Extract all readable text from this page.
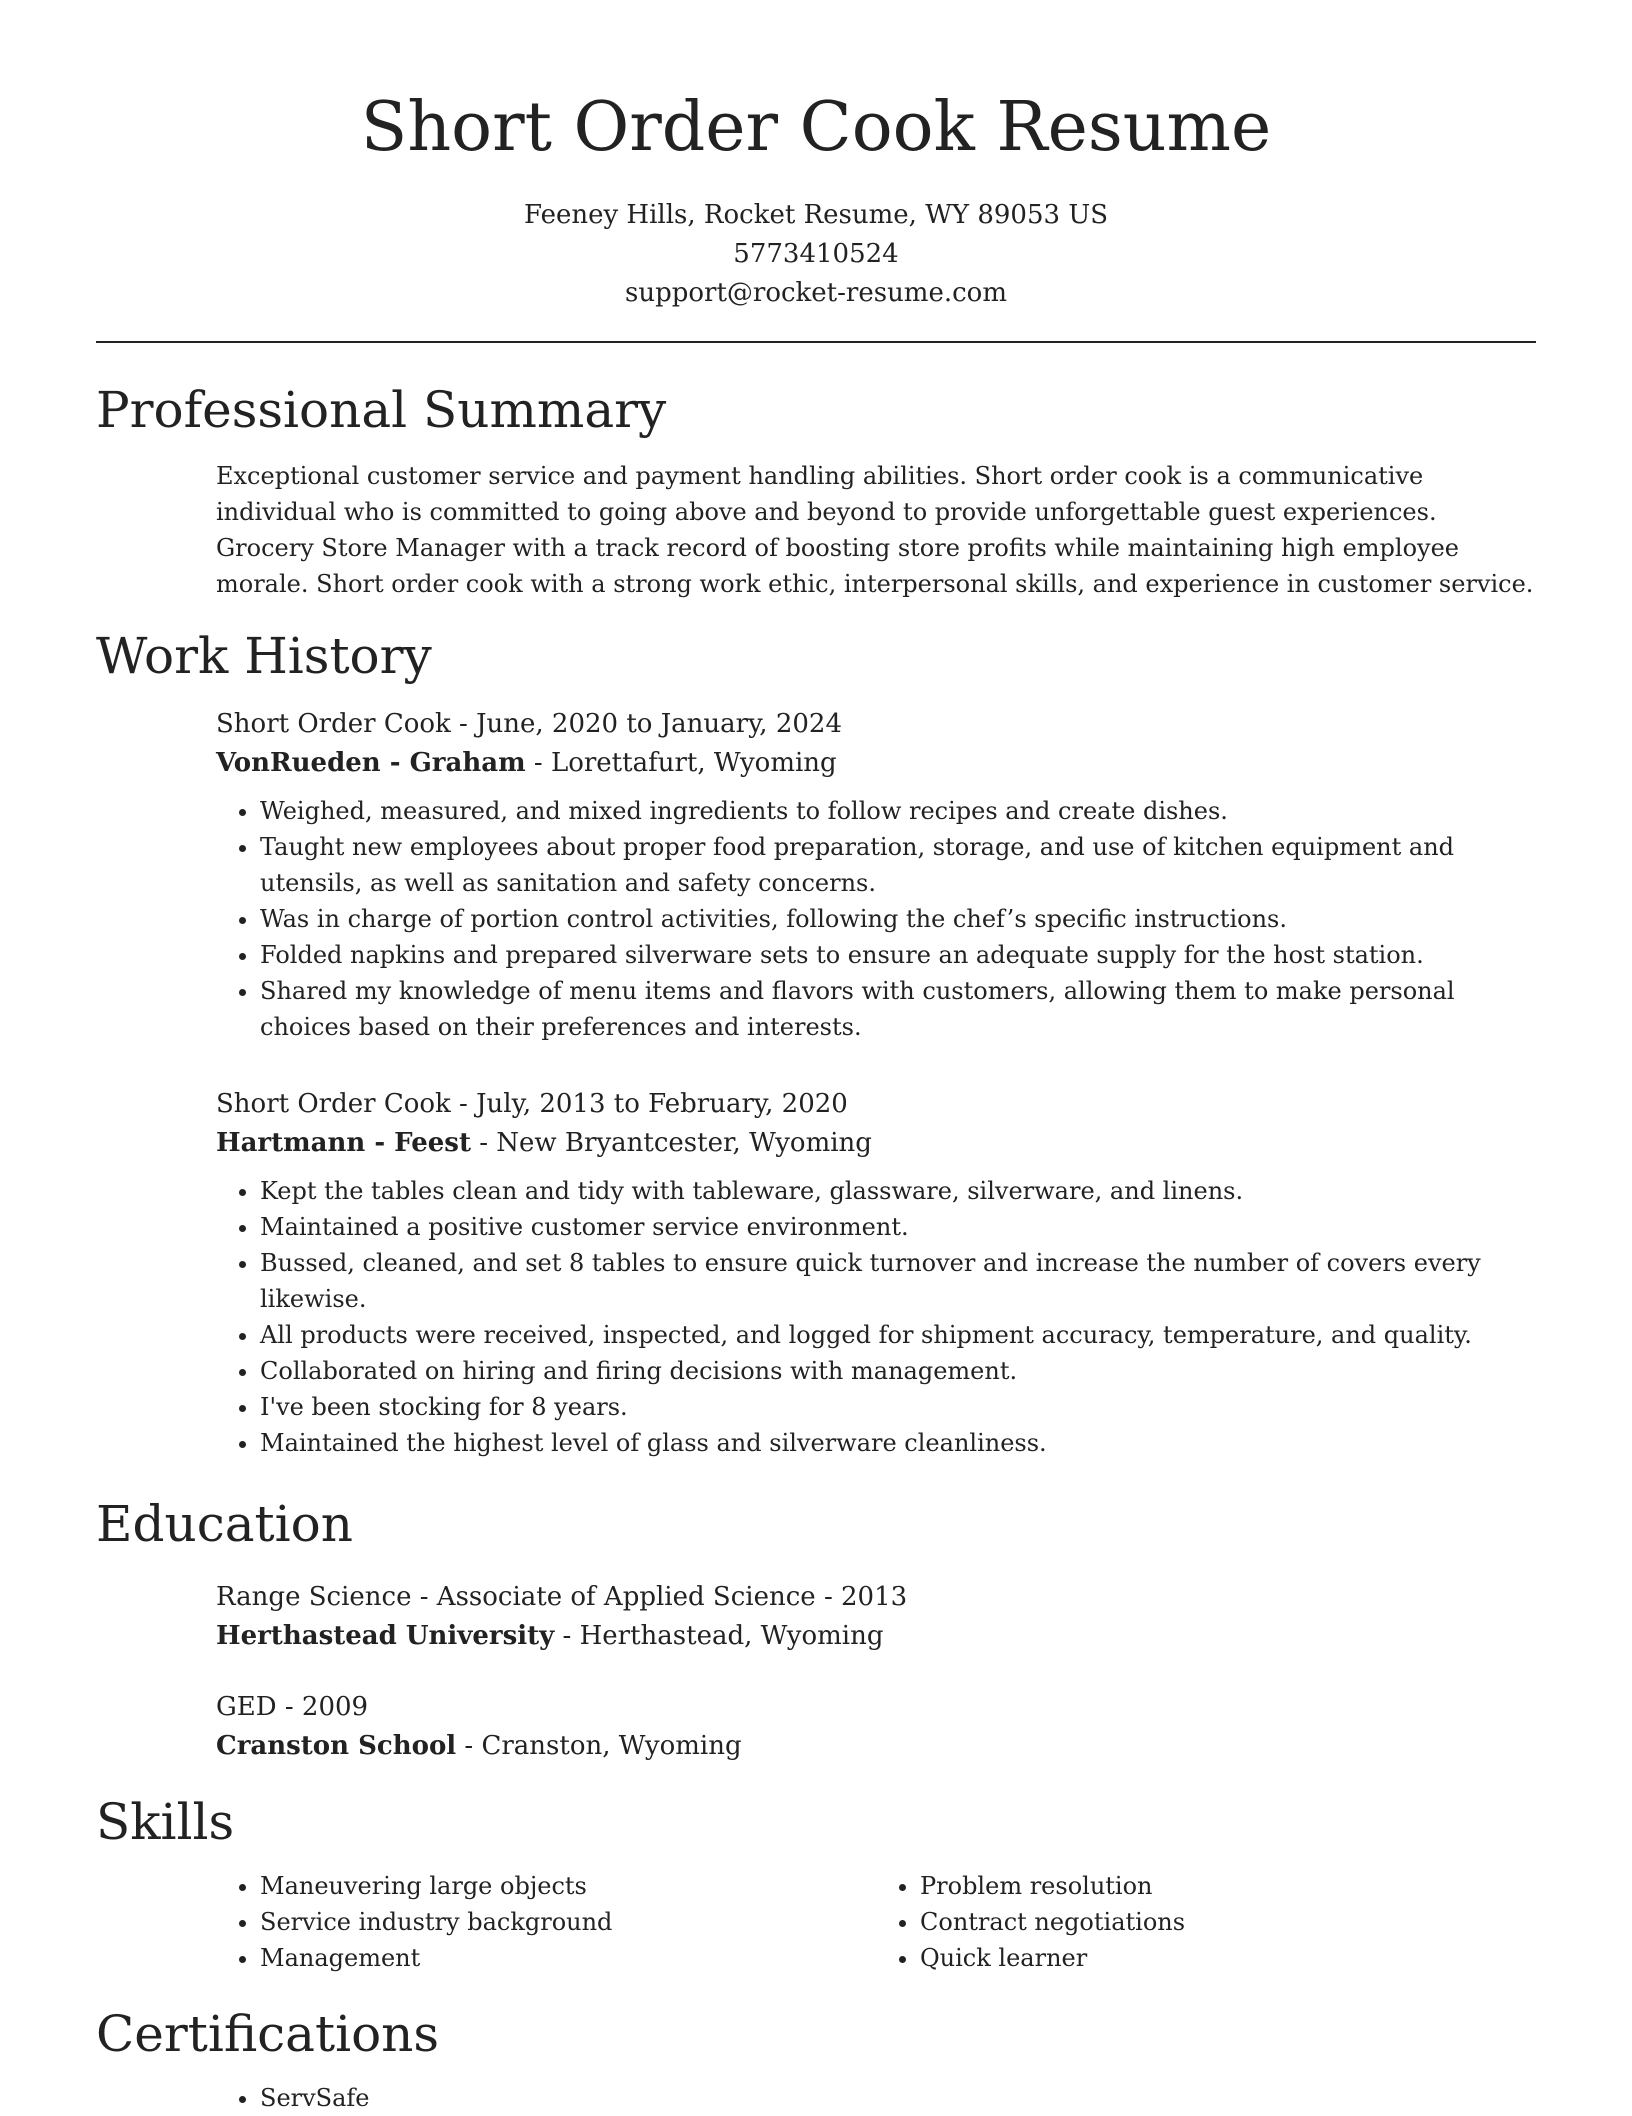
Short Order Cook Resume
Feeney Hills, Rocket Resume, WY 89053 US
5773410524
support@rocket-resume.com
Professional Summary

Exceptional customer service and payment handling abilities. Short order cook is a communicative individual who is committed to going above and beyond to provide unforgettable guest experiences. Grocery Store Manager with a track record of boosting store profits while maintaining high employee morale. Short order cook with a strong work ethic, interpersonal skills, and experience in customer service.

Work History

Short Order Cook - June, 2020 to January, 2024

VonRueden - Graham - Lorettafurt, Wyoming

• Weighed, measured, and mixed ingredients to follow recipes and create dishes.
• Taught new employees about proper food preparation, storage, and use of kitchen equipment and utensils, as well as sanitation and safety concerns.
• Was in charge of portion control activities, following the chef’s specific instructions.
• Folded napkins and prepared silverware sets to ensure an adequate supply for the host station.
• Shared my knowledge of menu items and flavors with customers, allowing them to make personal choices based on their preferences and interests.

Short Order Cook - July, 2013 to February, 2020

Hartmann - Feest - New Bryantcester, Wyoming

• Kept the tables clean and tidy with tableware, glassware, silverware, and linens.
• Maintained a positive customer service environment.
• Bussed, cleaned, and set 8 tables to ensure quick turnover and increase the number of covers every likewise.
• All products were received, inspected, and logged for shipment accuracy, temperature, and quality.
• Collaborated on hiring and firing decisions with management.
• I've been stocking for 8 years.
• Maintained the highest level of glass and silverware cleanliness.
Education

Range Science - Associate of Applied Science - 2013

Herthastead University - Herthastead, Wyoming

GED - 2009

Cranston School - Cranston, Wyoming

Skills
• Maneuvering large objects
• Service industry background
• Management
• Problem resolution
• Contract negotiations
• Quick learner
Certifications
• ServSafe
